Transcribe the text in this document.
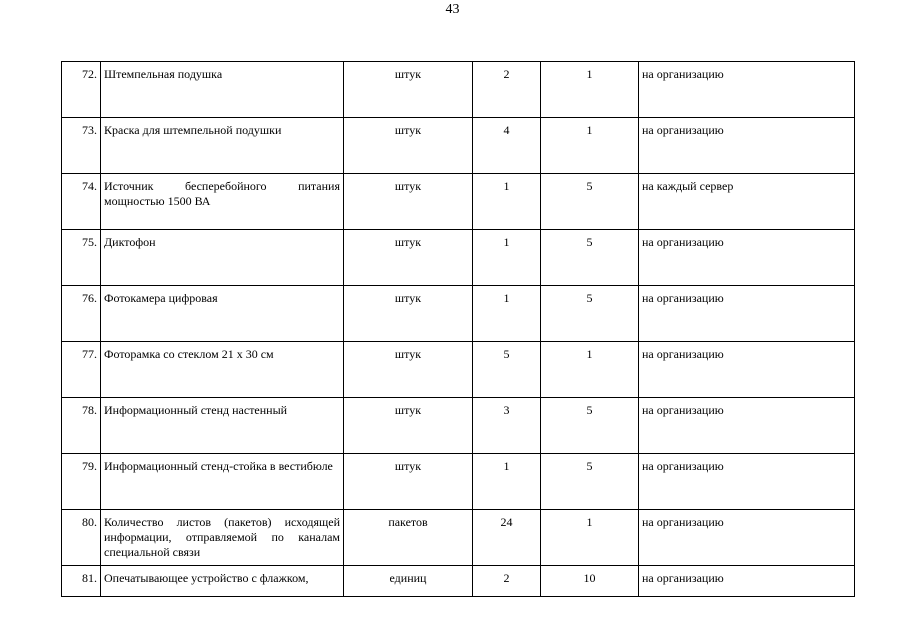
43
72.	Штемпельная подушка	штук	2	1	на организацию
73.	Краска для штемпельной подушки	штук	4	1	на организацию
74.	Источник бесперебойного питания мощностью 1500 ВА	штук	1	5	на каждый сервер
75.	Диктофон	штук	1	5	на организацию
76.	Фотокамера цифровая	штук	1	5	на организацию
77.	Фоторамка со стеклом 21 х 30 см	штук	5	1	на организацию
78.	Информационный стенд настенный	штук	3	5	на организацию
79.	Информационный стенд-стойка в вестибюле	штук	1	5	на организацию
80.	Количество листов (пакетов) исходящей информации, отправляемой по каналам специальной связи	пакетов	24	1	на организацию
81.	Опечатывающее устройство с флажком,	единиц	2	10	на организацию
